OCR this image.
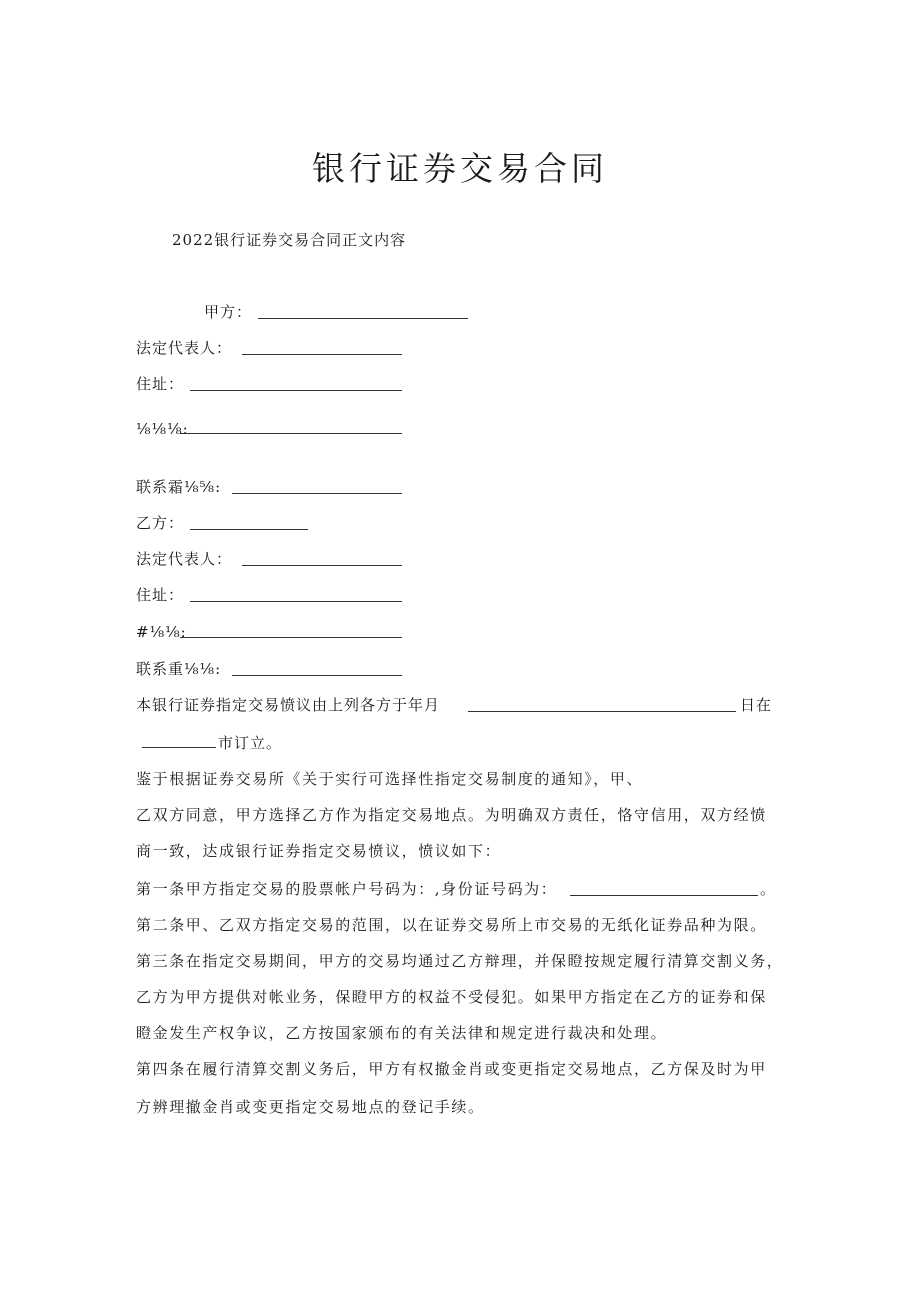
银行证券交易合同
2022银行证券交易合同正文内容
甲方：
法定代表人：
住址：
⅛⅛⅛:
联系霜⅛⅝:
乙方：
法定代表人：
住址：
#⅛⅛:
联系重⅛⅛:
本银行证券指定交易愤议由上列各方于年月	日在
市订立。
鉴于根据证券交易所《关于实行可选择性指定交易制度的通知》，甲、
乙双方同意，甲方选择乙方作为指定交易地点。为明确双方责任，恪守信用，双方经愤
商一致，达成银行证券指定交易愤议，愤议如下：
第一条甲方指定交易的股票帐户号码为：,身份证号码为：	。
第二条甲、乙双方指定交易的范围，以在证券交易所上市交易的无纸化证券品种为限。
第三条在指定交易期间，甲方的交易均通过乙方辩理，并保瞪按规定履行清算交割义务，
乙方为甲方提供对帐业务，保瞪甲方的权益不受侵犯。如果甲方指定在乙方的证券和保
瞪金发生产权争议，乙方按国家颁布的有关法律和规定进行裁决和处理。
第四条在履行清算交割义务后，甲方有权撤金肖或变更指定交易地点，乙方保及时为甲
方辨理撤金肖或变更指定交易地点的登记手续。
